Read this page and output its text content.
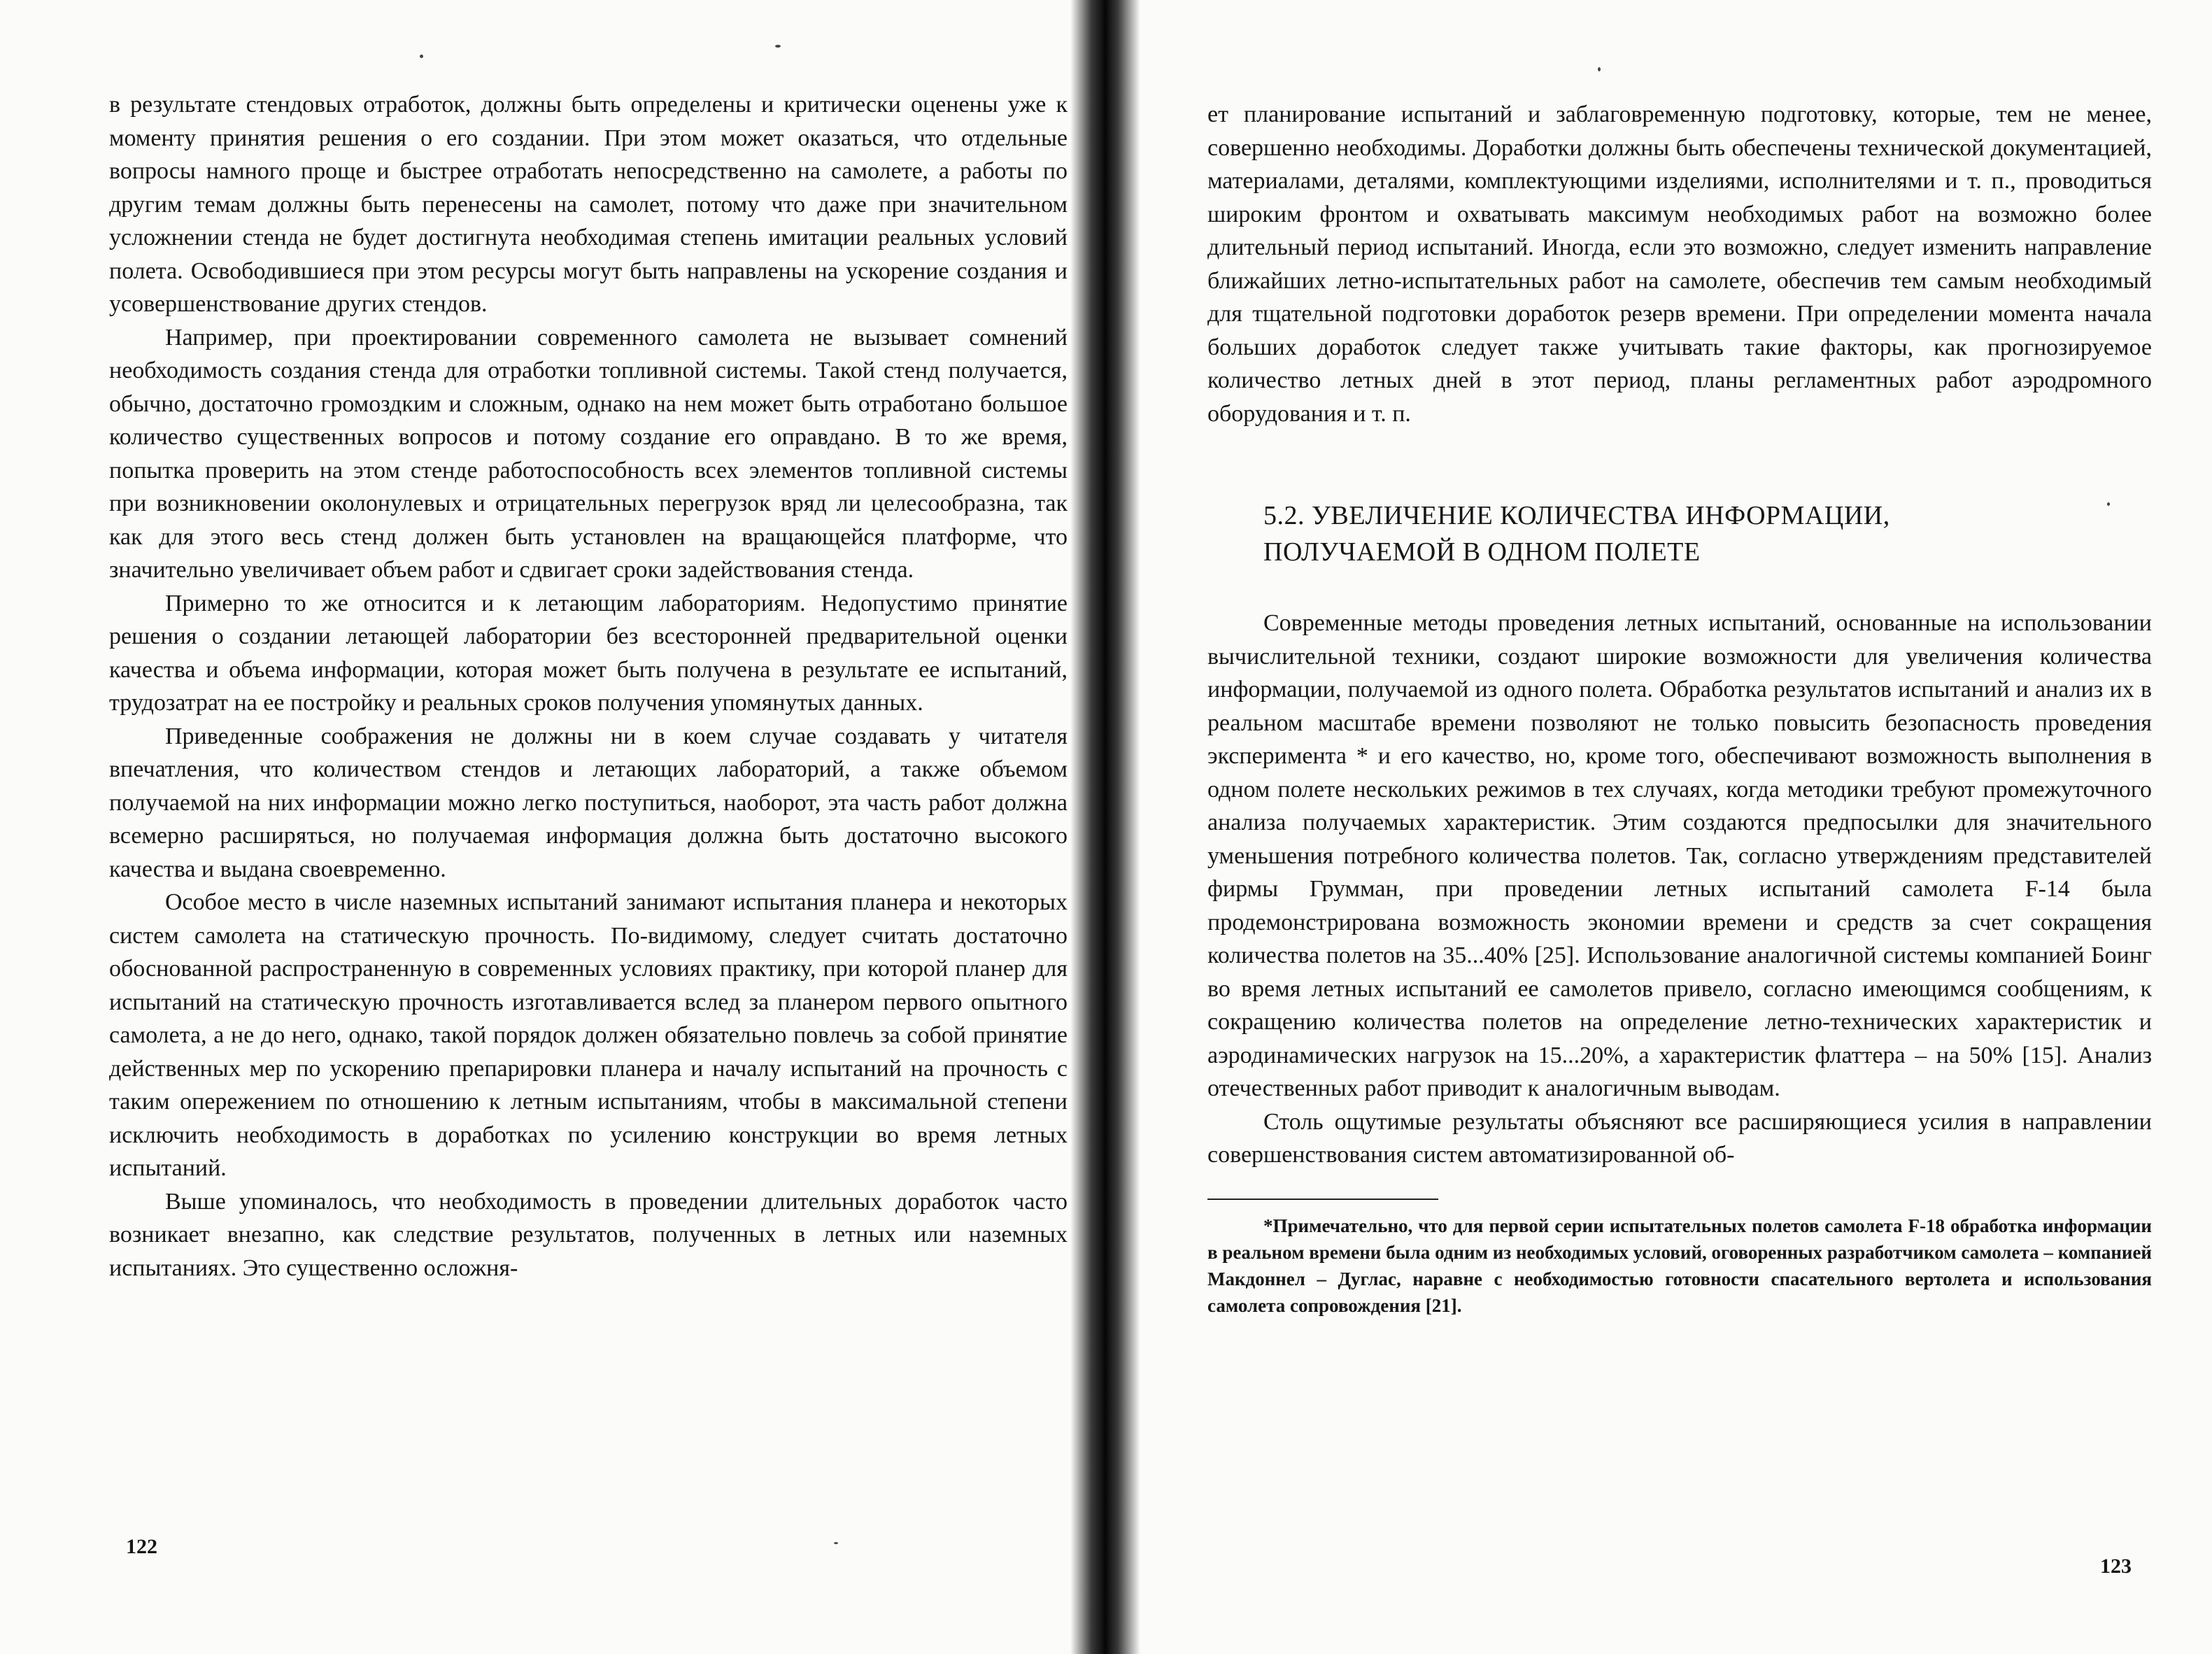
в результате стендовых отработок, должны быть определены и критически оценены уже к моменту принятия решения о его создании. При этом может оказаться, что отдельные вопросы намного проще и быстрее отработать непосредственно на самолете, а работы по другим темам должны быть перенесены на самолет, потому что даже при значительном усложнении стенда не будет достигнута необходимая степень имитации реальных условий полета. Освободившиеся при этом ресурсы могут быть направлены на ускорение создания и усовершенствование других стендов.

Например, при проектировании современного самолета не вызывает сомнений необходимость создания стенда для отработки топливной системы. Такой стенд получается, обычно, достаточно громоздким и сложным, однако на нем может быть отработано большое количество существенных вопросов и потому создание его оправдано. В то же время, попытка проверить на этом стенде работоспособность всех элементов топливной системы при возникновении околонулевых и отрицательных перегрузок вряд ли целесообразна, так как для этого весь стенд должен быть установлен на вращающейся платформе, что значительно увеличивает объем работ и сдвигает сроки задействования стенда.

Примерно то же относится и к летающим лабораториям. Недопустимо принятие решения о создании летающей лаборатории без всесторонней предварительной оценки качества и объема информации, которая может быть получена в результате ее испытаний, трудозатрат на ее постройку и реальных сроков получения упомянутых данных.

Приведенные соображения не должны ни в коем случае создавать у читателя впечатления, что количеством стендов и летающих лабораторий, а также объемом получаемой на них информации можно легко поступиться, наоборот, эта часть работ должна всемерно расширяться, но получаемая информация должна быть достаточно высокого качества и выдана своевременно.

Особое место в числе наземных испытаний занимают испытания планера и некоторых систем самолета на статическую прочность. По-видимому, следует считать достаточно обоснованной распространенную в современных условиях практику, при которой планер для испытаний на статическую прочность изготавливается вслед за планером первого опытного самолета, а не до него, однако, такой порядок должен обязательно повлечь за собой принятие действенных мер по ускорению препарировки планера и началу испытаний на прочность с таким опережением по отношению к летным испытаниям, чтобы в максимальной степени исключить необходимость в доработках по усилению конструкции во время летных испытаний.

Выше упоминалось, что необходимость в проведении длительных доработок часто возникает внезапно, как следствие результатов, полученных в летных или наземных испытаниях. Это существенно осложня-

122

ет планирование испытаний и заблаговременную подготовку, которые, тем не менее, совершенно необходимы. Доработки должны быть обеспечены технической документацией, материалами, деталями, комплектующими изделиями, исполнителями и т. п., проводиться широким фронтом и охватывать максимум необходимых работ на возможно более длительный период испытаний. Иногда, если это возможно, следует изменить направление ближайших летно-испытательных работ на самолете, обеспечив тем самым необходимый для тщательной подготовки доработок резерв времени. При определении момента начала больших доработок следует также учитывать такие факторы, как прогнозируемое количество летных дней в этот период, планы регламентных работ аэродромного оборудования и т. п.

5.2. УВЕЛИЧЕНИЕ КОЛИЧЕСТВА ИНФОРМАЦИИ,
ПОЛУЧАЕМОЙ В ОДНОМ ПОЛЕТЕ

Современные методы проведения летных испытаний, основанные на использовании вычислительной техники, создают широкие возможности для увеличения количества информации, получаемой из одного полета. Обработка результатов испытаний и анализ их в реальном масштабе времени позволяют не только повысить безопасность проведения эксперимента * и его качество, но, кроме того, обеспечивают возможность выполнения в одном полете нескольких режимов в тех случаях, когда методики требуют промежуточного анализа получаемых характеристик. Этим создаются предпосылки для значительного уменьшения потребного количества полетов. Так, согласно утверждениям представителей фирмы Грумман, при проведении летных испытаний самолета F-14 была продемонстрирована возможность экономии времени и средств за счет сокращения количества полетов на 35...40% [25]. Использование аналогичной системы компанией Боинг во время летных испытаний ее самолетов привело, согласно имеющимся сообщениям, к сокращению количества полетов на определение летно-технических характеристик и аэродинамических нагрузок на 15...20%, а характеристик флаттера – на 50% [15]. Анализ отечественных работ приводит к аналогичным выводам.

Столь ощутимые результаты объясняют все расширяющиеся усилия в направлении совершенствования систем автоматизированной об-

*Примечательно, что для первой серии испытательных полетов самолета F-18 обработка информации в реальном времени была одним из необходимых условий, оговоренных разработчиком самолета – компанией Макдоннел – Дуглас, наравне с необходимостью готовности спасательного вертолета и использования самолета сопровождения [21].

123
